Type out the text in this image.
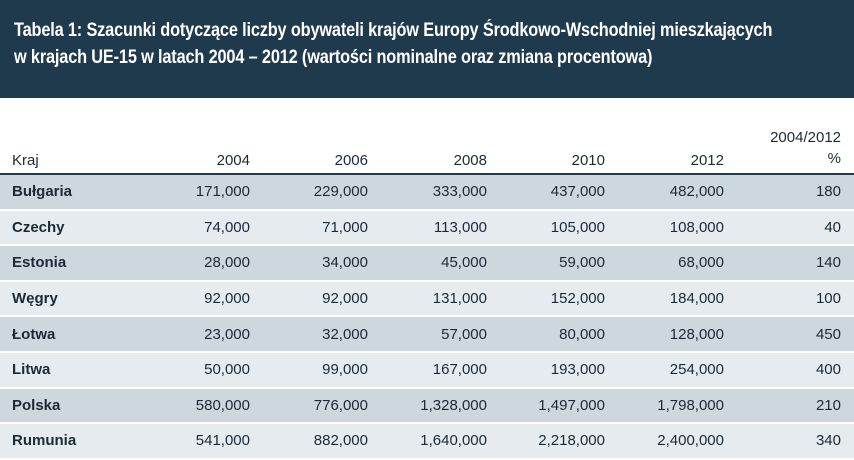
Tabela 1: Szacunki dotyczące liczby obywateli krajów Europy Środkowo-Wschodniej mieszkających
w krajach UE-15 w latach 2004 – 2012 (wartości nominalne oraz zmiana procentowa)
Kraj	2004	2006	2008	2010	2012	2004/2012
%

Bułgaria	171,000	229,000	333,000	437,000	482,000	180
Czechy	74,000	71,000	113,000	105,000	108,000	40
Estonia	28,000	34,000	45,000	59,000	68,000	140
Węgry	92,000	92,000	131,000	152,000	184,000	100
Łotwa	23,000	32,000	57,000	80,000	128,000	450
Litwa	50,000	99,000	167,000	193,000	254,000	400
Polska	580,000	776,000	1,328,000	1,497,000	1,798,000	210
Rumunia	541,000	882,000	1,640,000	2,218,000	2,400,000	340
